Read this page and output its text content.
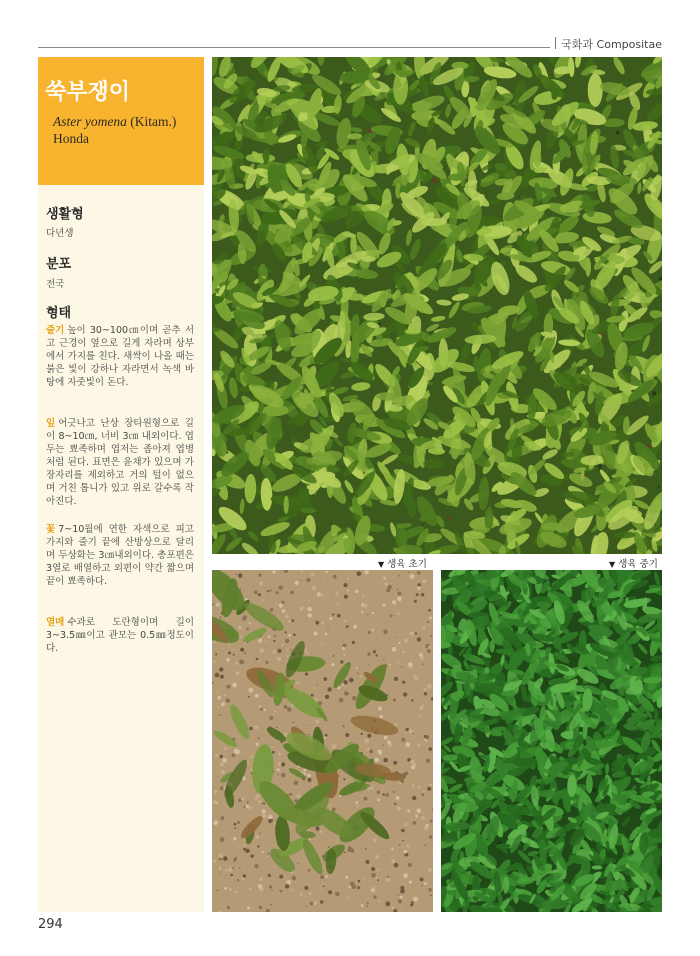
국화과 Compositae
쑥부쟁이
Aster yomena (Kitam.) Honda
생활형
다년생
분포
전국
형태
줄기 높이 30~100㎝이며 곧추 서고 근경이 옆으로 길게 자라며 상부에서 가지를 친다. 새싹이 나올 때는 붉은 빛이 강하나 자라면서 녹색 바탕에 자줏빛이 돈다.
잎 어긋나고 난상 장타원형으로 길이 8~10㎝, 너비 3㎝ 내외이다. 엽두는 뾰족하며 엽저는 좁아져 엽병처럼 된다. 표면은 윤채가 있으며 가장자리를 제외하고 거의 털이 없으며 거친 톱니가 있고 위로 갈수록 작아진다.
꽃 7~10월에 연한 자색으로 피고 가지와 줄기 끝에 산방상으로 달리며 두상화는 3㎝내외이다. 총포편은 3열로 배열하고 외편이 약간 짧으며 끝이 뾰족하다.
열매 수과로 도란형이며 길이 3~3.5㎜이고 관모는 0.5㎜정도이다.
▼ 생육 초기	▼ 생육 중기
294
